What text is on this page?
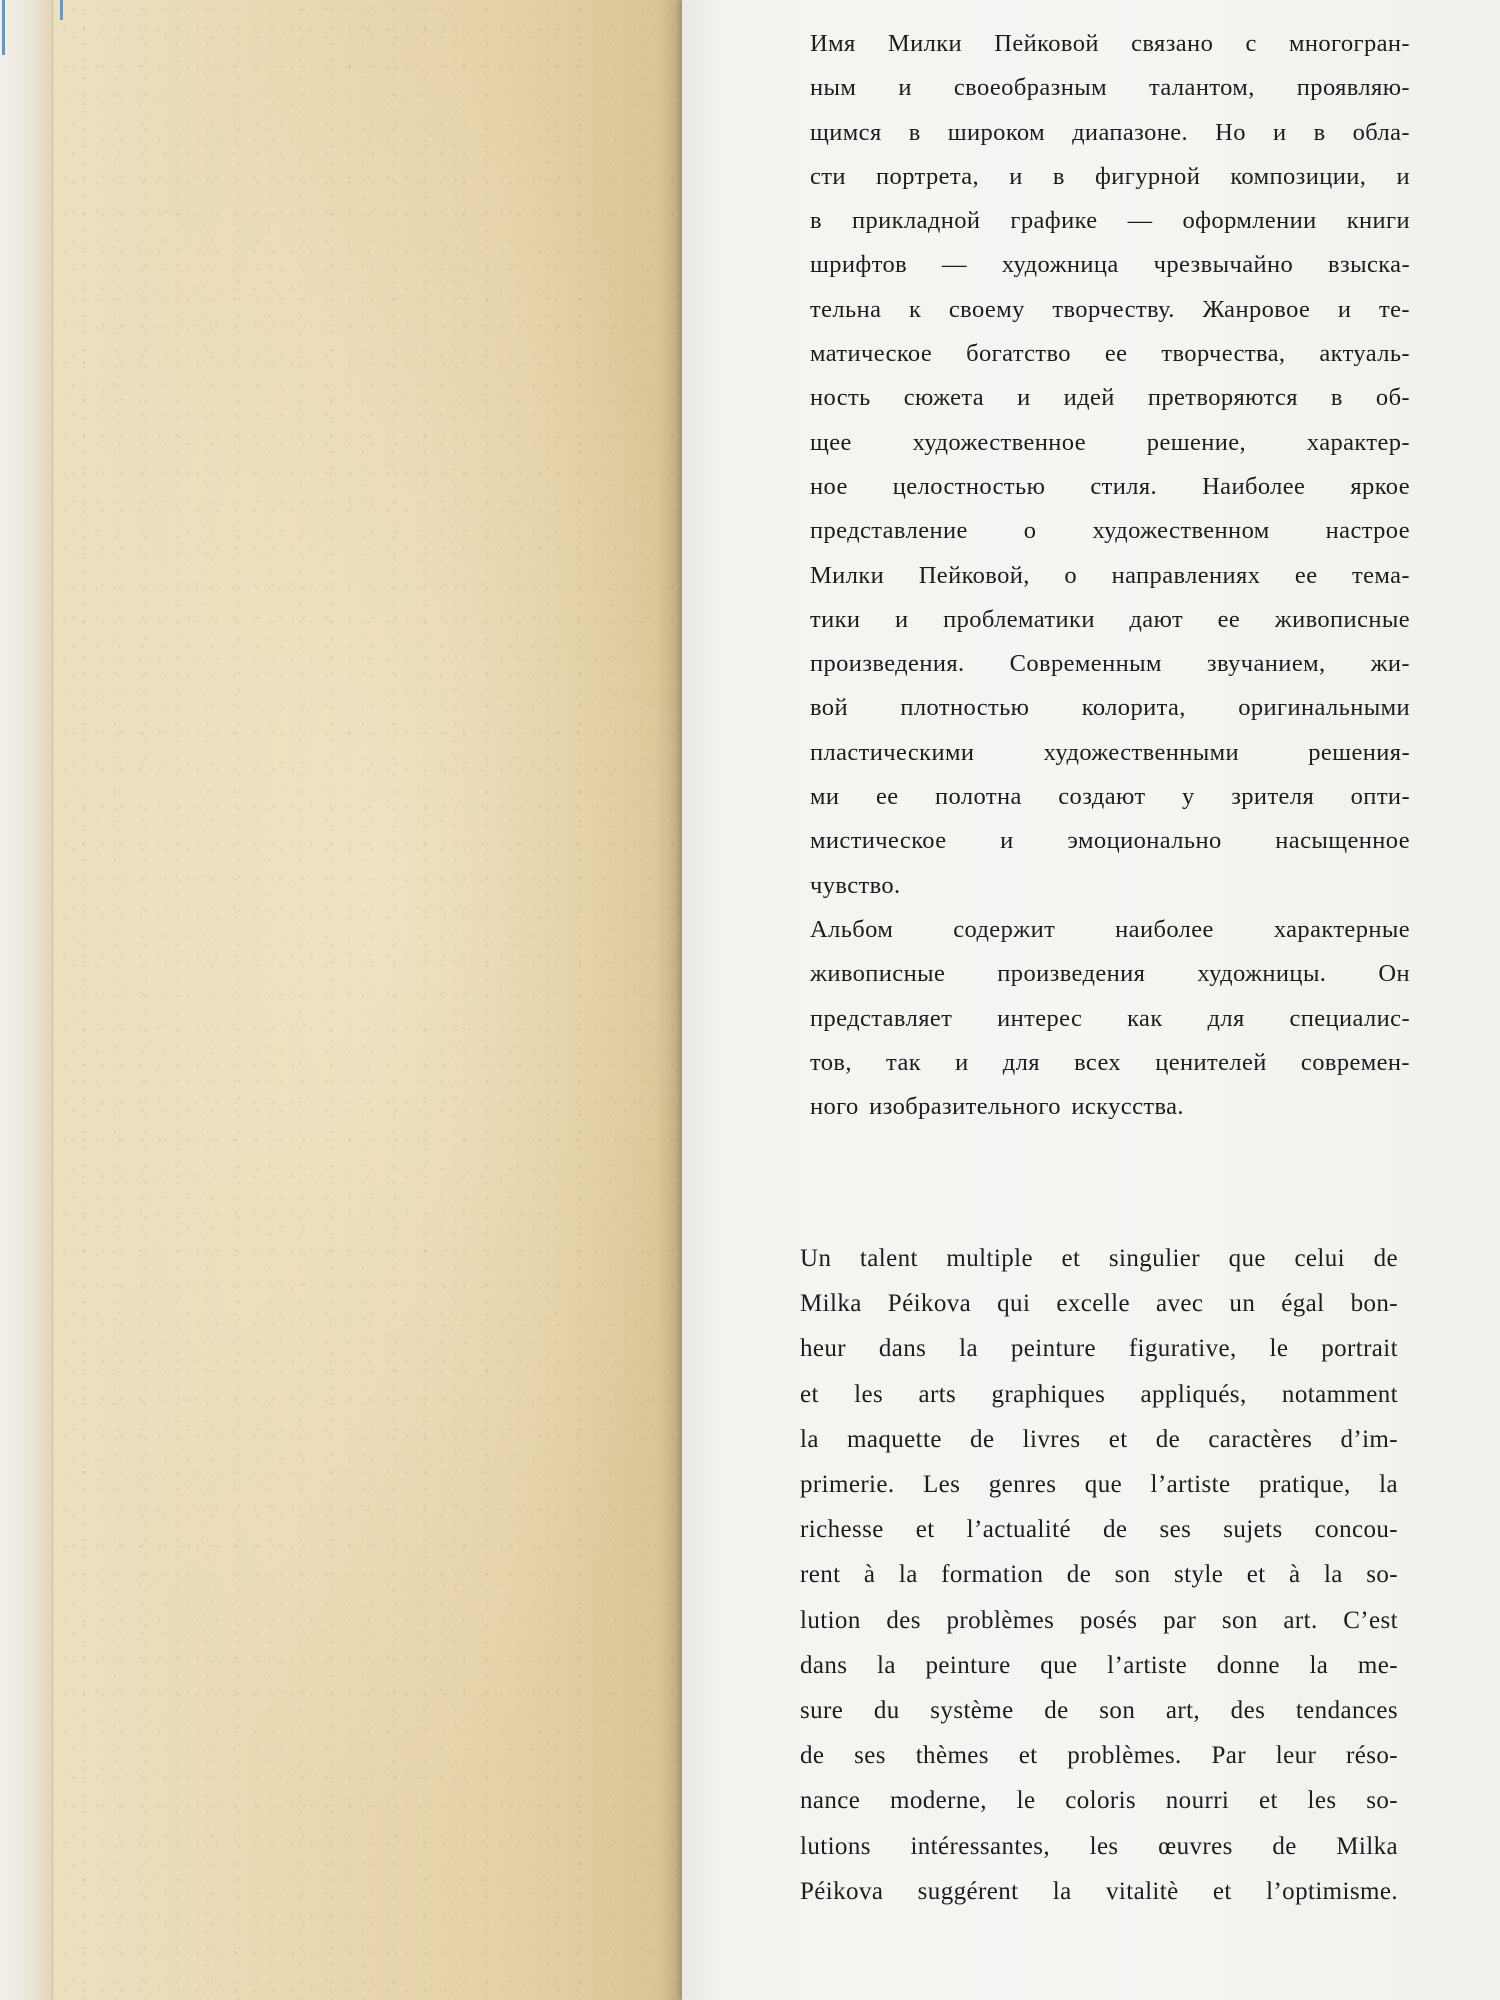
Имя Милки Пейковой связано с многогран-
ным и своеобразным талантом, проявляю-
щимся в широком диапазоне. Но и в обла-
сти портрета, и в фигурной композиции, и
в прикладной графике — оформлении книги
шрифтов — художница чрезвычайно взыска-
тельна к своему творчеству. Жанровое и те-
матическое богатство ее творчества, актуаль-
ность сюжета и идей претворяются в об-
щее художественное решение, характер-
ное целостностью стиля. Наиболее яркое
представление о художественном настрое
Милки Пейковой, о направлениях ее тема-
тики и проблематики дают ее живописные
произведения. Современным звучанием, жи-
вой плотностью колорита, оригинальными
пластическими художественными решения-
ми ее полотна создают у зрителя опти-
мистическое и эмоционально насыщенное
чувство.
Альбом содержит наиболее характерные
живописные произведения художницы. Он
представляет интерес как для специалис-
тов, так и для всех ценителей современ-
ного изобразительного искусства.
Un talent multiple et singulier que celui de
Milka Péikova qui excelle avec un égal bon-
heur dans la peinture figurative, le portrait
et les arts graphiques appliqués, notamment
la maquette de livres et de caractères d’im-
primerie. Les genres que l’artiste pratique, la
richesse et l’actualité de ses sujets concou-
rent à la formation de son style et à la so-
lution des problèmes posés par son art. C’est
dans la peinture que l’artiste donne la me-
sure du système de son art, des tendances
de ses thèmes et problèmes. Par leur réso-
nance moderne, le coloris nourri et les so-
lutions intéressantes, les œuvres de Milka
Péikova suggérent la vitalitè et l’optimisme.
